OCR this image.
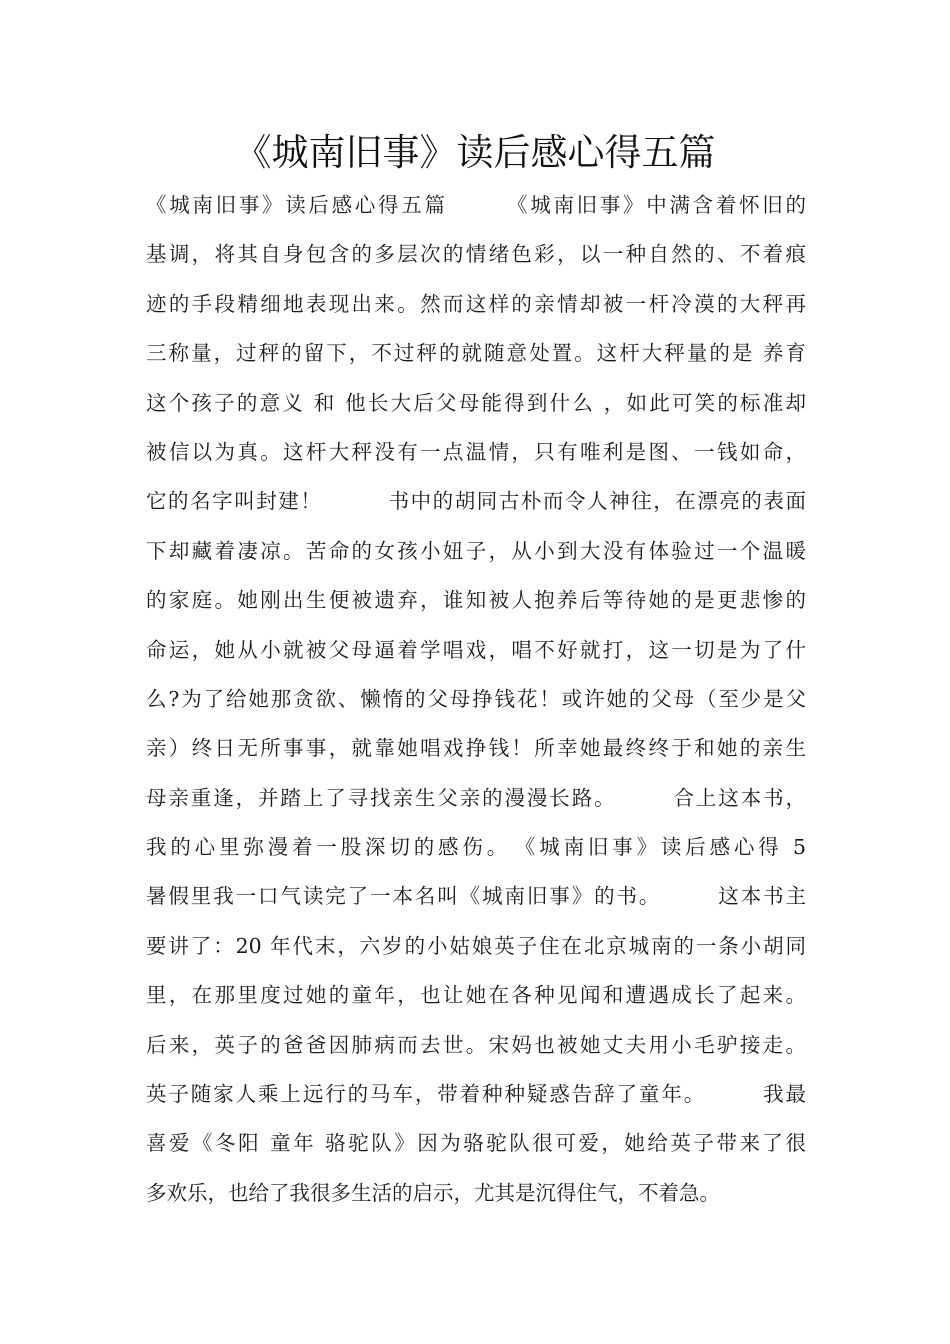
《城南旧事》读后感心得五篇
《城南旧事》读后感心得五篇　　　《城南旧事》中满含着怀旧的
基调，将其自身包含的多层次的情绪色彩，以一种自然的、不着痕
迹的手段精细地表现出来。然而这样的亲情却被一杆冷漠的大秤再
三称量，过秤的留下，不过秤的就随意处置。这杆大秤量的是 养育
这个孩子的意义 和 他长大后父母能得到什么 ，如此可笑的标准却
被信以为真。这杆大秤没有一点温情，只有唯利是图、一钱如命，
它的名字叫封建！　　　书中的胡同古朴而令人神往，在漂亮的表面
下却藏着凄凉。苦命的女孩小妞子，从小到大没有体验过一个温暖
的家庭。她刚出生便被遗弃，谁知被人抱养后等待她的是更悲惨的
命运，她从小就被父母逼着学唱戏，唱不好就打，这一切是为了什
么?为了给她那贪欲、懒惰的父母挣钱花！或许她的父母（至少是父
亲）终日无所事事，就靠她唱戏挣钱！所幸她最终终于和她的亲生
母亲重逢，并踏上了寻找亲生父亲的漫漫长路。　　　合上这本书，
我的心里弥漫着一股深切的感伤。　《城南旧事》读后感心得 5
暑假里我一口气读完了一本名叫《城南旧事》的书。　　　这本书主
要讲了：20 年代末，六岁的小姑娘英子住在北京城南的一条小胡同
里，在那里度过她的童年，也让她在各种见闻和遭遇成长了起来。
后来，英子的爸爸因肺病而去世。宋妈也被她丈夫用小毛驴接走。
英子随家人乘上远行的马车，带着种种疑惑告辞了童年。　　　我最
喜爱《冬阳 童年 骆驼队》因为骆驼队很可爱，她给英子带来了很
多欢乐，也给了我很多生活的启示，尤其是沉得住气，不着急。
